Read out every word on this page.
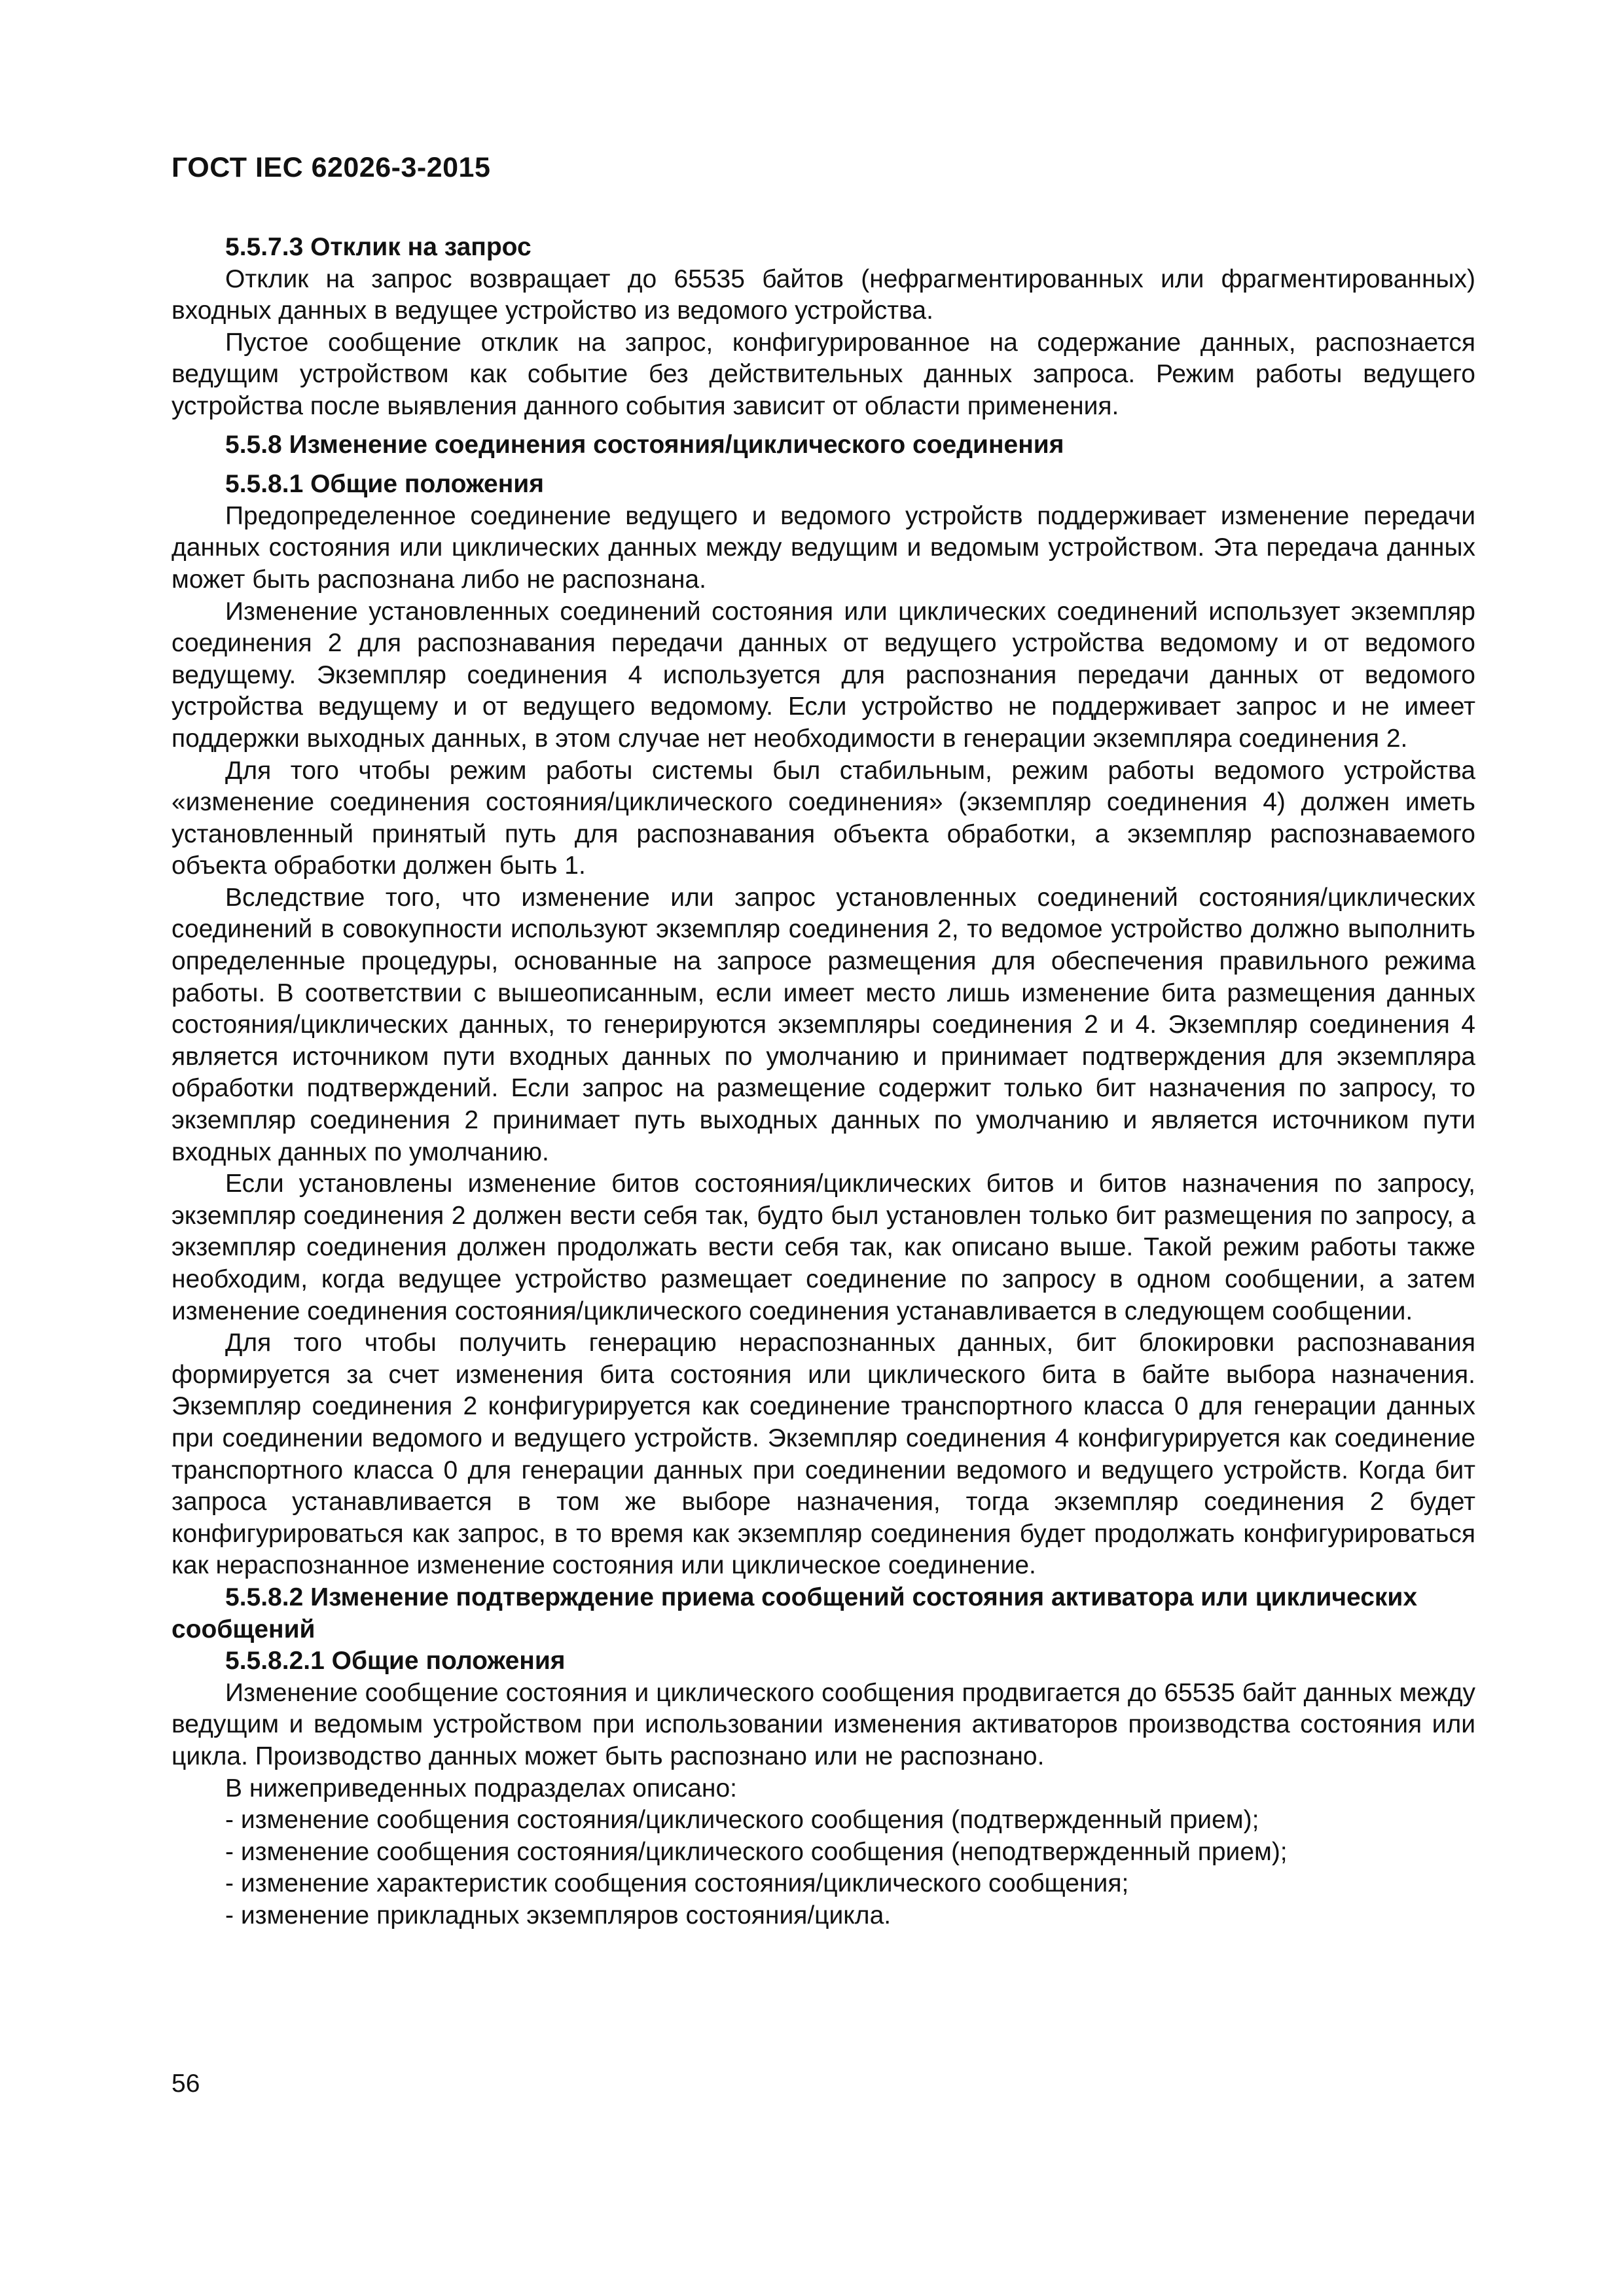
ГОСТ IEC 62026-3-2015
5.5.7.3 Отклик на запрос

Отклик на запрос возвращает до 65535 байтов (нефрагментированных или фрагментированных) входных данных в ведущее устройство из ведомого устройства.

Пустое сообщение отклик на запрос, конфигурированное на содержание данных, распознается ведущим устройством как событие без действительных данных запроса. Режим работы ведущего устройства после выявления данного события зависит от области применения.

5.5.8 Изменение соединения состояния/циклического соединения
5.5.8.1 Общие положения

Предопределенное соединение ведущего и ведомого устройств поддерживает изменение передачи данных состояния или циклических данных между ведущим и ведомым устройством. Эта передача данных может быть распознана либо не распознана.

Изменение установленных соединений состояния или циклических соединений использует экземпляр соединения 2 для распознавания передачи данных от ведущего устройства ведомому и от ведомого ведущему. Экземпляр соединения 4 используется для распознания передачи данных от ведомого устройства ведущему и от ведущего ведомому. Если устройство не поддерживает запрос и не имеет поддержки выходных данных, в этом случае нет необходимости в генерации экземпляра соединения 2.

Для того чтобы режим работы системы был стабильным, режим работы ведомого устройства «изменение соединения состояния/циклического соединения» (экземпляр соединения 4) должен иметь установленный принятый путь для распознавания объекта обработки, а экземпляр распознаваемого объекта обработки должен быть 1.

Вследствие того, что изменение или запрос установленных соединений состояния/циклических соединений в совокупности используют экземпляр соединения 2, то ведомое устройство должно выполнить определенные процедуры, основанные на запросе размещения для обеспечения правильного режима работы. В соответствии с вышеописанным, если имеет место лишь изменение бита размещения данных состояния/циклических данных, то генерируются экземпляры соединения 2 и 4. Экземпляр соединения 4 является источником пути входных данных по умолчанию и принимает подтверждения для экземпляра обработки подтверждений. Если запрос на размещение содержит только бит назначения по запросу, то экземпляр соединения 2 принимает путь выходных данных по умолчанию и является источником пути входных данных по умолчанию.

Если установлены изменение битов состояния/циклических битов и битов назначения по запросу, экземпляр соединения 2 должен вести себя так, будто был установлен только бит размещения по запросу, а экземпляр соединения должен продолжать вести себя так, как описано выше. Такой режим работы также необходим, когда ведущее устройство размещает соединение по запросу в одном сообщении, а затем изменение соединения состояния/циклического соединения устанавливается в следующем сообщении.

Для того чтобы получить генерацию нераспознанных данных, бит блокировки распознавания формируется за счет изменения бита состояния или циклического бита в байте выбора назначения. Экземпляр соединения 2 конфигурируется как соединение транспортного класса 0 для генерации данных при соединении ведомого и ведущего устройств. Экземпляр соединения 4 конфигурируется как соединение транспортного класса 0 для генерации данных при соединении ведомого и ведущего устройств. Когда бит запроса устанавливается в том же выборе назначения, тогда экземпляр соединения 2 будет конфигурироваться как запрос, в то время как экземпляр соединения будет продолжать конфигурироваться как нераспознанное изменение состояния или циклическое соединение.

5.5.8.2 Изменение подтверждение приема сообщений состояния активатора или циклических сообщений
5.5.8.2.1 Общие положения

Изменение сообщение состояния и циклического сообщения продвигается до 65535 байт данных между ведущим и ведомым устройством при использовании изменения активаторов производства состояния или цикла. Производство данных может быть распознано или не распознано.

В нижеприведенных подразделах описано:

- изменение сообщения состояния/циклического сообщения (подтвержденный прием);
- изменение сообщения состояния/циклического сообщения (неподтвержденный прием);
- изменение характеристик сообщения состояния/циклического сообщения;
- изменение прикладных экземпляров состояния/цикла.
56
